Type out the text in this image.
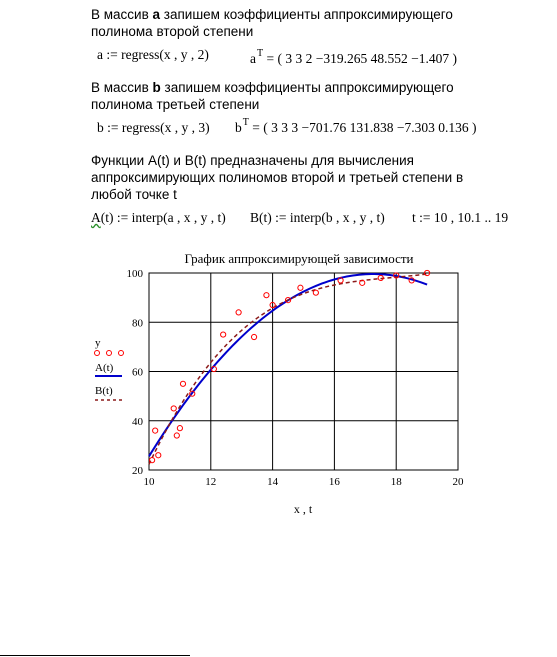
В массив a запишем коэффициенты аппроксимирующего
полинома второй степени
a := regress(x , y , 2)	$a^T$ = ( 3 3 2 −319.265 48.552 −1.407 )
В массив b запишем коэффициенты аппроксимирующего
полинома третьей степени
b := regress(x , y , 3) $b^T$ = ( 3 3 3 −701.76 131.838 −7.303 0.136 )
Функции A(t) и B(t) предназначены для вычисления
аппроксимирующих полиномов второй и третьей степени в
любой точке t
A(t) := interp(a , x , y , t) B(t) := interp(b , x , y , t) t := 10 , 10.1 .. 19
График аппроксимирующей зависимости
10	12	14	16	18	20
20
40
60
80
100
x , t
y
A(t)
B(t)
